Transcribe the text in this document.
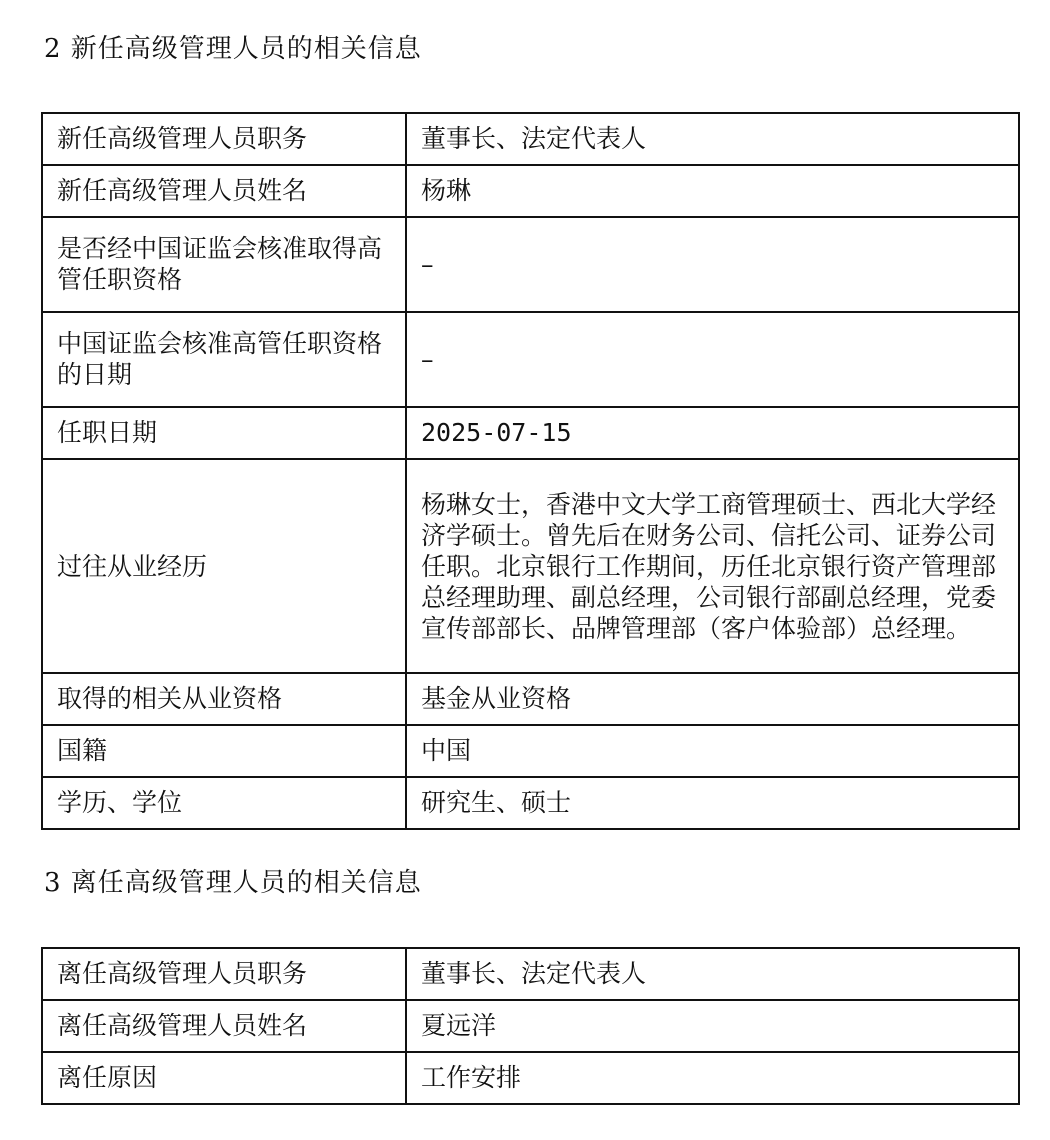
2 新任高级管理人员的相关信息
新任高级管理人员职务	董事长、法定代表人
新任高级管理人员姓名	杨琳
是否经中国证监会核准取得高管任职资格	–
中国证监会核准高管任职资格的日期	–
任职日期	2025-07-15
过往从业经历	杨琳女士，香港中文大学工商管理硕士、西北大学经济学硕士。曾先后在财务公司、信托公司、证券公司任职。北京银行工作期间，历任北京银行资产管理部总经理助理、副总经理，公司银行部副总经理，党委宣传部部长、品牌管理部（客户体验部）总经理。
取得的相关从业资格	基金从业资格
国籍	中国
学历、学位	研究生、硕士
3 离任高级管理人员的相关信息
离任高级管理人员职务	董事长、法定代表人
离任高级管理人员姓名	夏远洋
离任原因	工作安排
